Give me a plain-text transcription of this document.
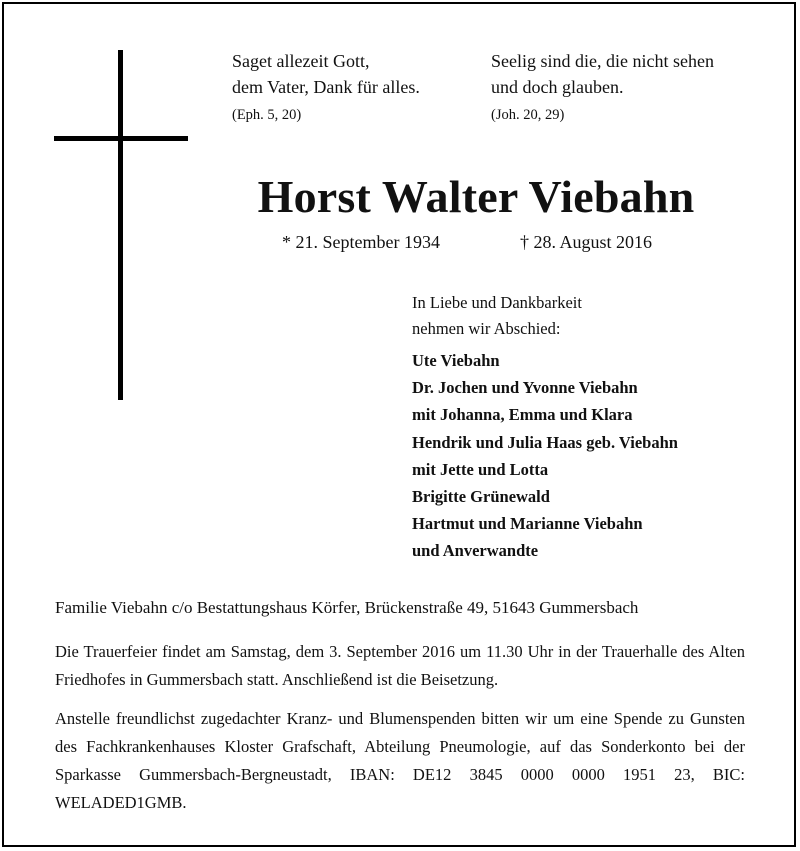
Saget allezeit Gott,
dem Vater, Dank für alles.
(Eph. 5, 20)
Seelig sind die, die nicht sehen
und doch glauben.
(Joh. 20, 29)
Horst Walter Viebahn
* 21. September 1934	† 28. August 2016
In Liebe und Dankbarkeit
nehmen wir Abschied:
Ute Viebahn
Dr. Jochen und Yvonne Viebahn
mit Johanna, Emma und Klara
Hendrik und Julia Haas geb. Viebahn
mit Jette und Lotta
Brigitte Grünewald
Hartmut und Marianne Viebahn
und Anverwandte
Familie Viebahn c/o Bestattungshaus Körfer, Brückenstraße 49, 51643 Gummersbach
Die Trauerfeier findet am Samstag, dem 3. September 2016 um 11.30 Uhr in der Trauerhalle des Alten Friedhofes in Gummersbach statt. Anschließend ist die Beisetzung.
Anstelle freundlichst zugedachter Kranz- und Blumenspenden bitten wir um eine Spende zu Gunsten des Fachkrankenhauses Kloster Grafschaft, Abteilung Pneumologie, auf das Sonderkonto bei der Sparkasse Gummersbach-Bergneustadt, IBAN: DE12 3845 0000 0000 1951 23, BIC: WELADED1GMB.
